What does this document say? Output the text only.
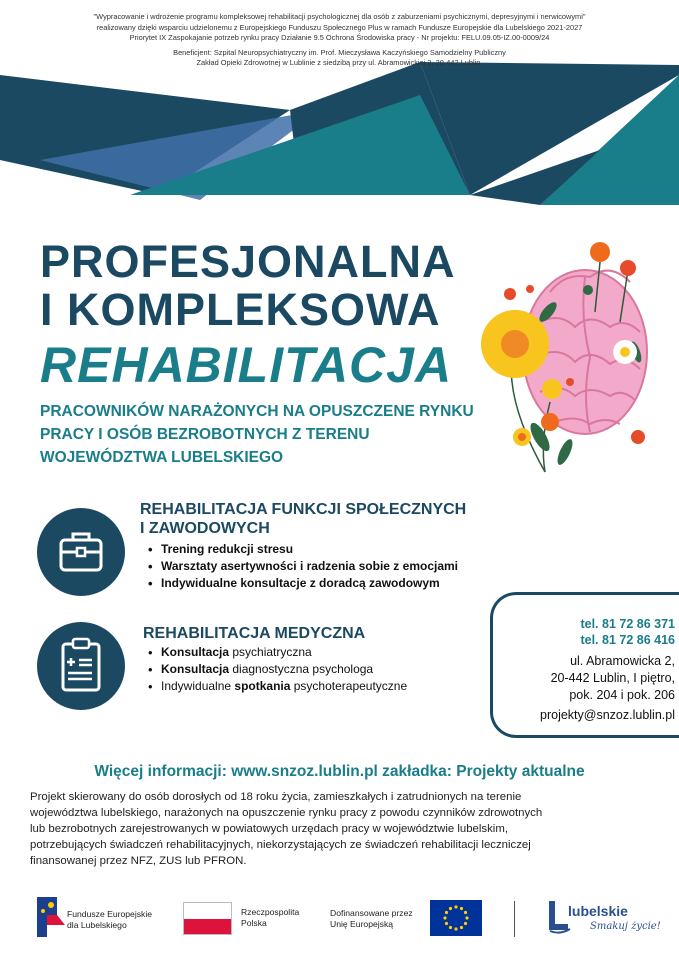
"Wypracowanie i wdrożenie programu kompleksowej rehabilitacji psychologicznej dla osób z zaburzeniami psychicznymi, depresyjnymi i nerwicowymi"
realizowany dzięki wsparciu udzielonemu z Europejskiego Funduszu Społecznego Plus w ramach Fundusze Europejskie dla Lubelskiego 2021-2027
Priorytet IX Zaspokajanie potrzeb rynku pracy Działanie 9.5 Ochrona Środowiska pracy - Nr projektu: FELU.09.05-IZ.00-0009/24
Beneficjent: Szpital Neuropsychiatryczny im. Prof. Mieczysława Kaczyńskiego Samodzielny Publiczny
Zakład Opieki Zdrowotnej w Lublinie z siedzibą przy ul. Abramowickiej 2, 20-442 Lublin.
PROFESJONALNA
I KOMPLEKSOWA
REHABILITACJA
PRACOWNIKÓW NARAŻONYCH NA OPUSZCZENE RYNKU PRACY I OSÓB BEZROBOTNYCH Z TERENU WOJEWÓDZTWA LUBELSKIEGO
REHABILITACJA FUNKCJI SPOŁECZNYCH I ZAWODOWYCH
• Trening redukcji stresu
• Warsztaty asertywności i radzenia sobie z emocjami
• Indywidualne konsultacje z doradcą zawodowym
REHABILITACJA MEDYCZNA
• Konsultacja psychiatryczna
• Konsultacja diagnostyczna psychologa
• Indywidualne spotkania psychoterapeutyczne
tel. 81 72 86 371
tel. 81 72 86 416
ul. Abramowicka 2,
20-442 Lublin, I piętro,
pok. 204 i pok. 206
projekty@snzoz.lublin.pl
Więcej informacji: www.snzoz.lublin.pl zakładka: Projekty aktualne
Projekt skierowany do osób dorosłych od 18 roku życia, zamieszkałych i zatrudnionych na terenie
województwa lubelskiego, narażonych na opuszczenie rynku pracy z powodu czynników zdrowotnych
lub bezrobotnych zarejestrowanych w powiatowych urzędach pracy w województwie lubelskim,
potrzebujących świadczeń rehabilitacyjnych, niekorzystających ze świadczeń rehabilitacji leczniczej
finansowanej przez NFZ, ZUS lub PFRON.
Fundusze Europejskie
dla Lubelskiego
Rzeczpospolita
Polska
Dofinansowane przez
Unię Europejską
lubelskie
Smakuj życie!
